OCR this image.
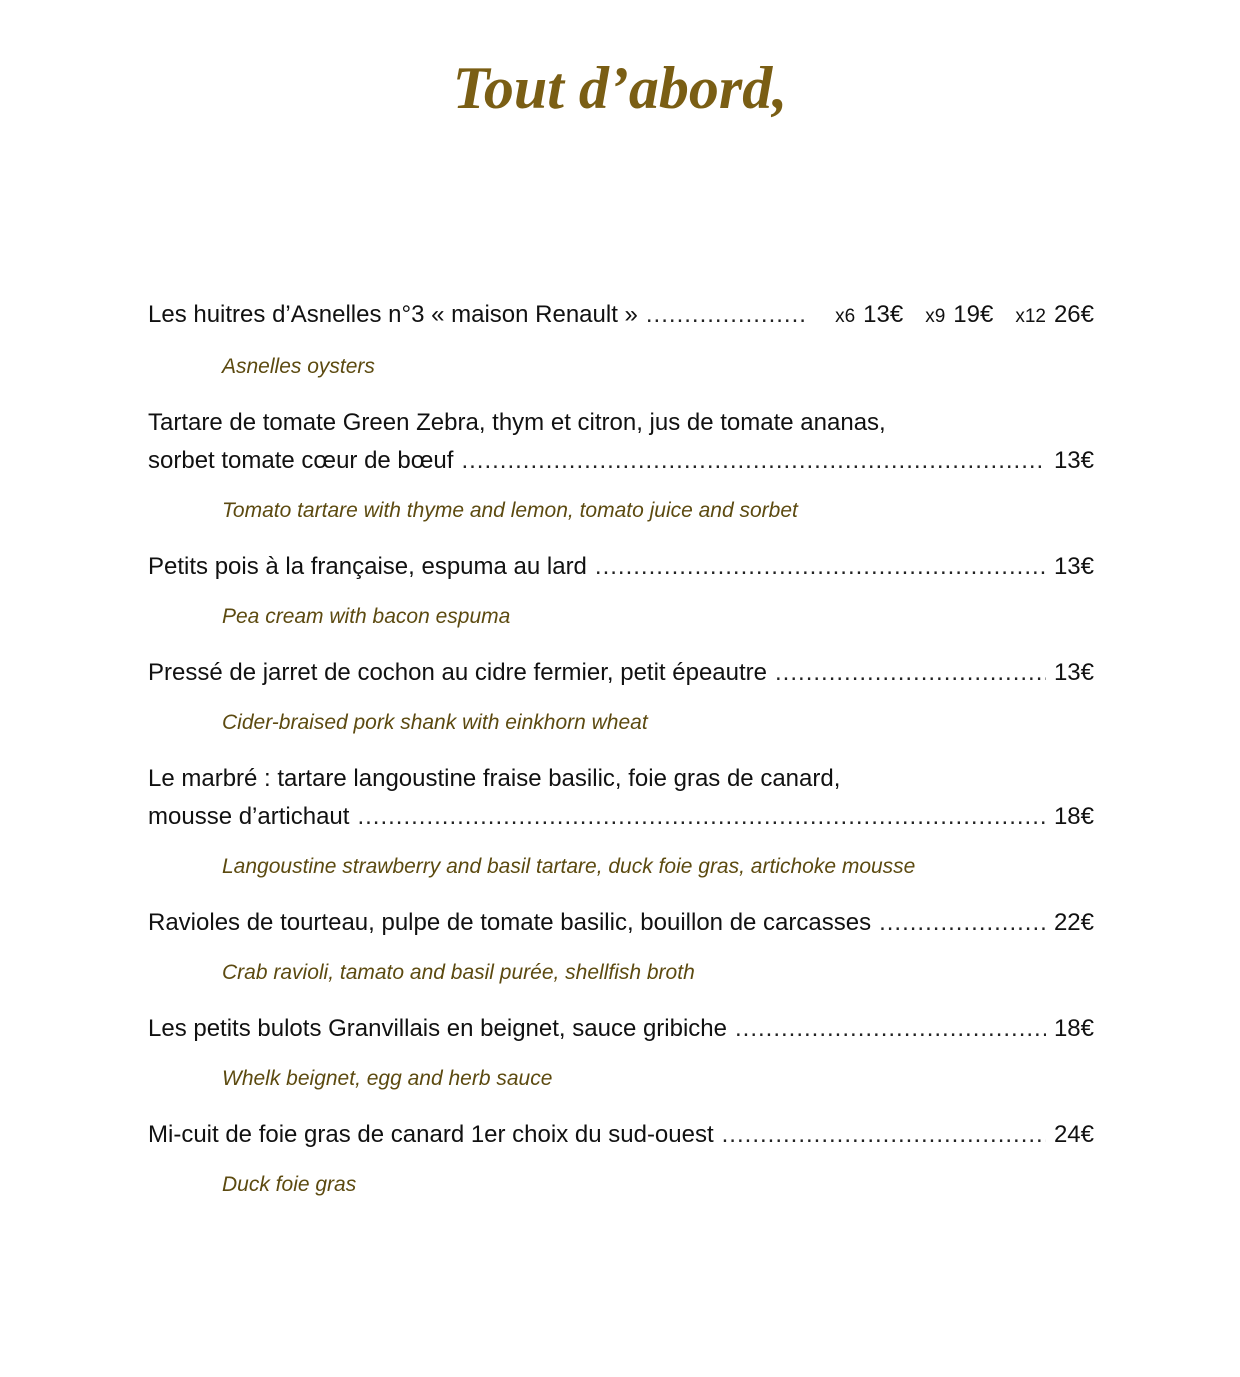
Tout d’abord,
Les huitres d’Asnelles n°3 « maison Renault » .....	x6 13€ x9 19€ x12 26€
Asnelles oysters
Tartare de tomate Green Zebra, thym et citron, jus de tomate ananas,
sorbet tomate cœur de bœuf .....	13€
Tomato tartare with thyme and lemon, tomato juice and sorbet
Petits pois à la française, espuma au lard .....	13€
Pea cream with bacon espuma
Pressé de jarret de cochon au cidre fermier, petit épeautre .....	13€
Cider-braised pork shank with einkhorn wheat
Le marbré : tartare langoustine fraise basilic, foie gras de canard,
mousse d’artichaut .....	18€
Langoustine strawberry and basil tartare, duck foie gras, artichoke mousse
Ravioles de tourteau, pulpe de tomate basilic, bouillon de carcasses .....	22€
Crab ravioli, tamato and basil purée, shellfish broth
Les petits bulots Granvillais en beignet, sauce gribiche .....	18€
Whelk beignet, egg and herb sauce
Mi-cuit de foie gras de canard 1er choix du sud-ouest .....	24€
Duck foie gras
